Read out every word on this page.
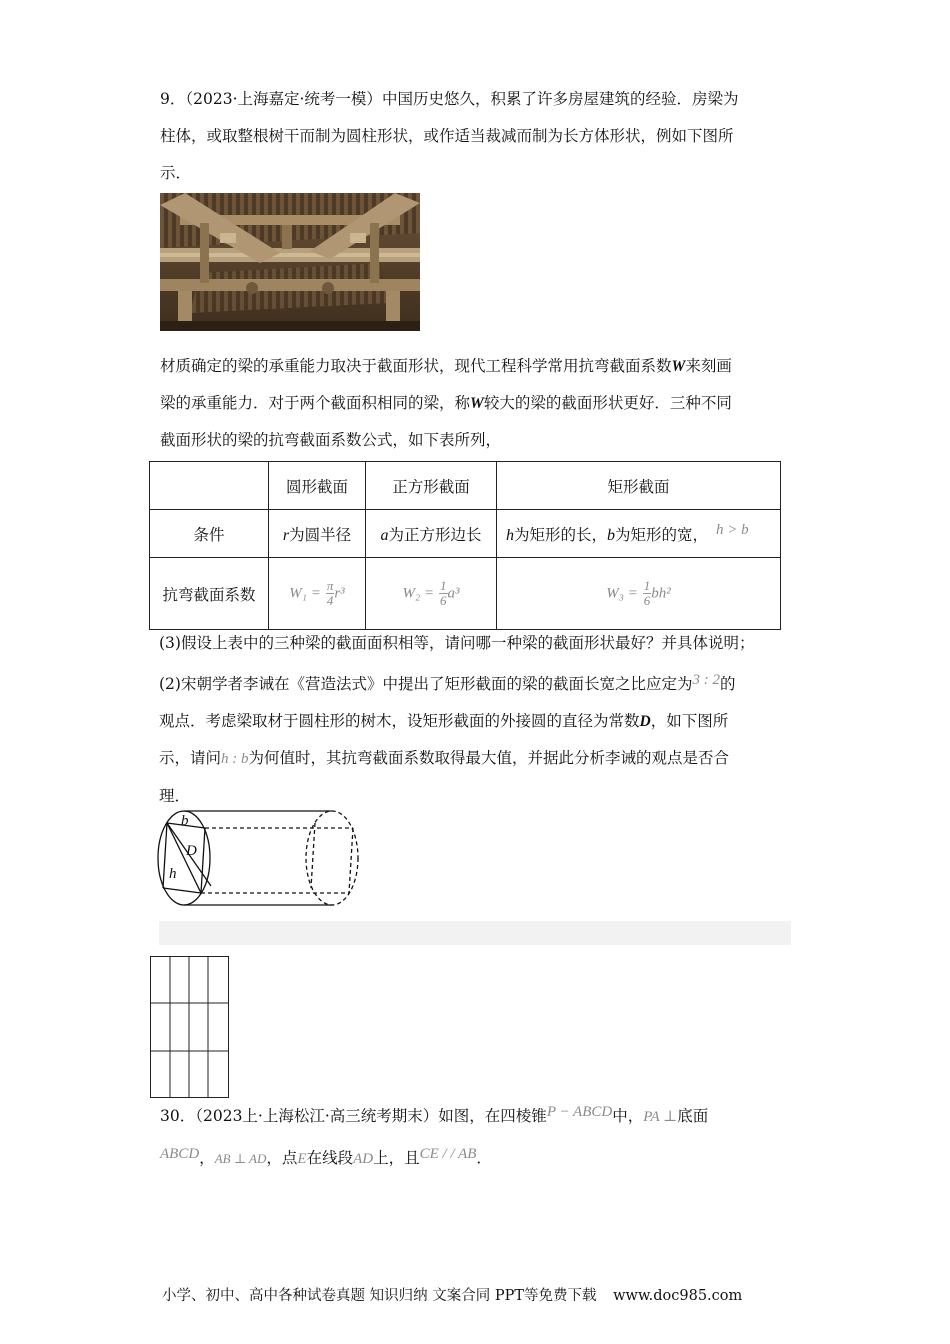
9．（2023·上海嘉定·统考一模）中国历史悠久，积累了许多房屋建筑的经验．房梁为
柱体，或取整根树干而制为圆柱形状，或作适当裁减而制为长方体形状，例如下图所
示．
材质确定的梁的承重能力取决于截面形状，现代工程科学常用抗弯截面系数W来刻画
梁的承重能力．对于两个截面积相同的梁，称W较大的梁的截面形状更好．三种不同
截面形状的梁的抗弯截面系数公式，如下表所列，
	圆形截面	正方形截面	矩形截面
条件	r为圆半径	a为正方形边长	h为矩形的长，b为矩形的宽， h > b
抗弯截面系数	$W_1 = \frac{\pi}{4} r^3$	$W_2 = \frac{1}{6} a^3$	$W_3 = \frac{1}{6} bh^2$
(3)假设上表中的三种梁的截面面积相等，请问哪一种梁的截面形状最好？并具体说明；
(2)宋朝学者李诫在《营造法式》中提出了矩形截面的梁的截面长宽之比应定为3 : 2的
观点．考虑梁取材于圆柱形的树木，设矩形截面的外接圆的直径为常数D，如下图所
示，请问h : b为何值时，其抗弯截面系数取得最大值，并据此分析李诫的观点是否合
理．
b
D
h
30．（2023上·上海松江·高三统考期末）如图，在四棱锥P − ABCD中，PA ⊥底面
ABCD，AB ⊥ AD，点E在线段AD上，且CE / / AB．
小学、初中、高中各种试卷真题 知识归纳 文案合同 PPT等免费下载 www.doc985.com
